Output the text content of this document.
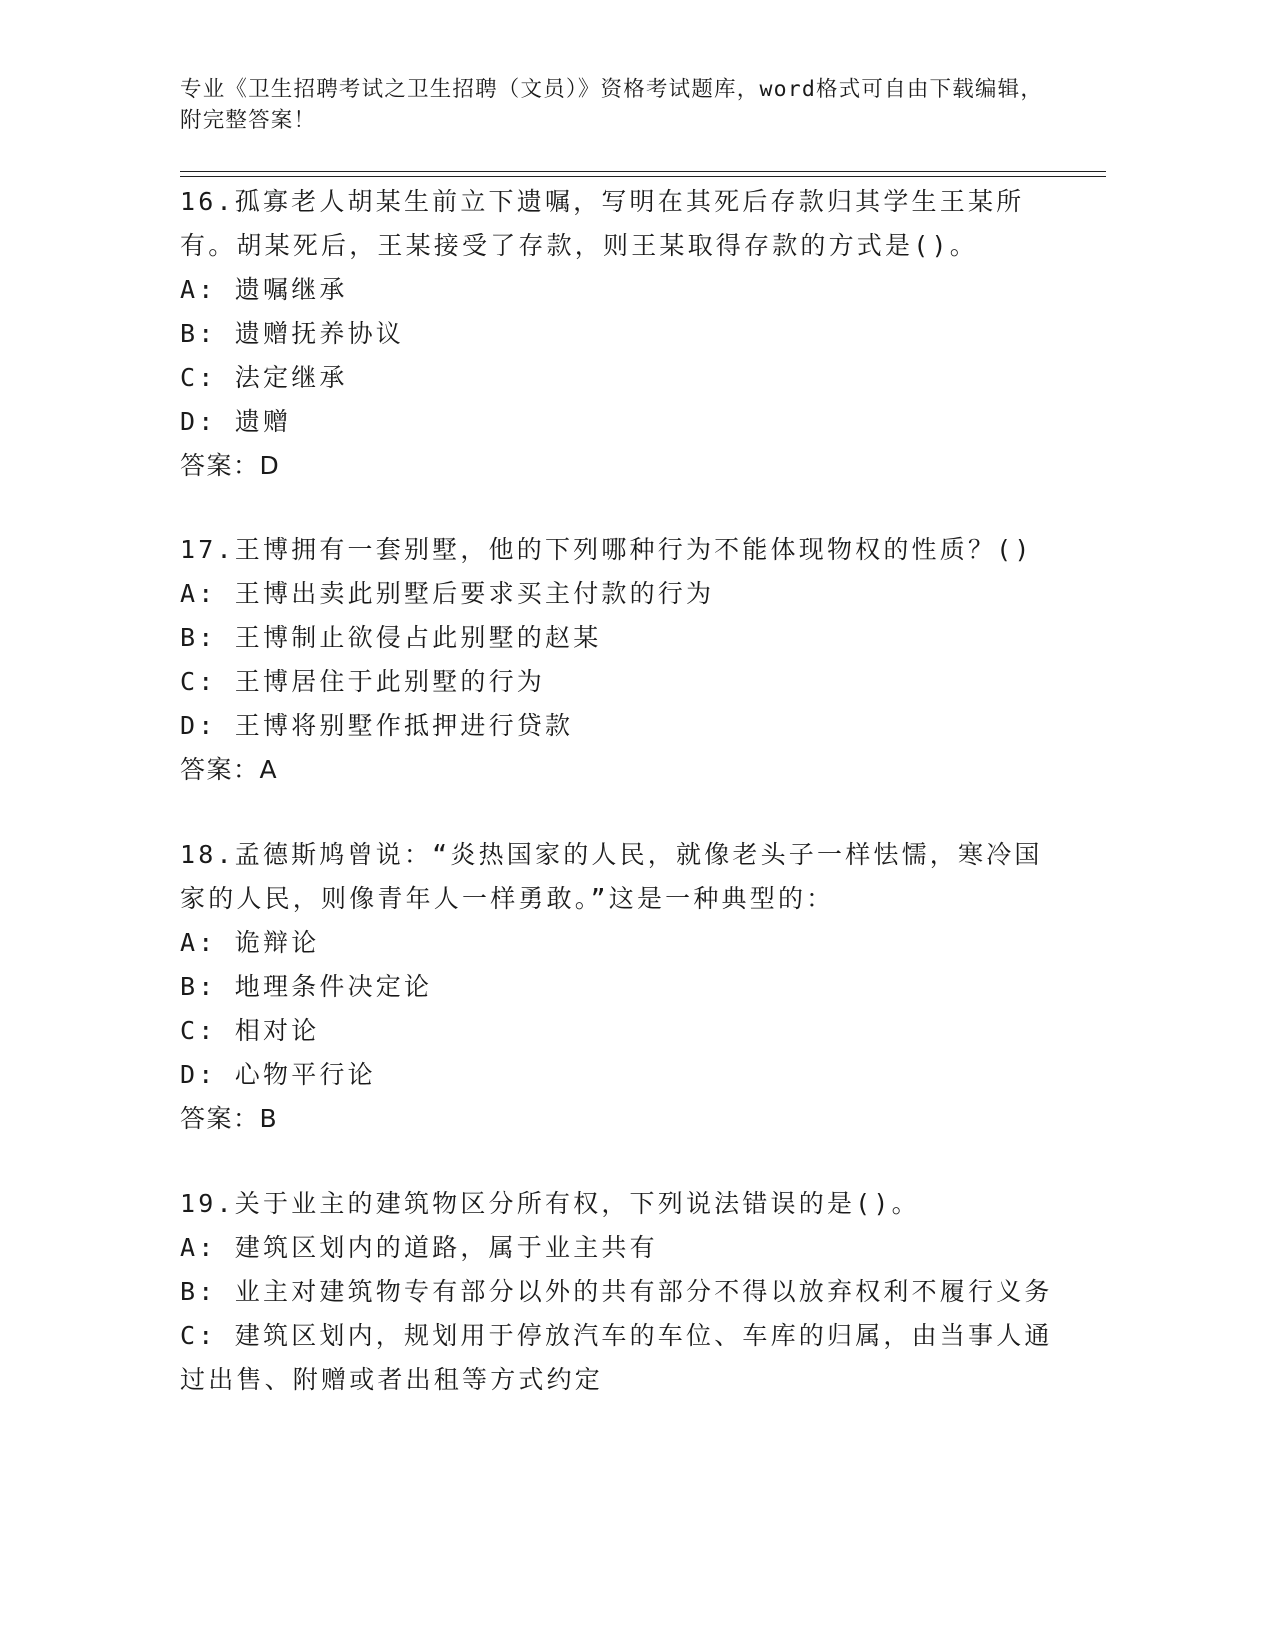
专业《卫生招聘考试之卫生招聘（文员）》资格考试题库，word格式可自由下载编辑，附完整答案！

16.孤寡老人胡某生前立下遗嘱，写明在其死后存款归其学生王某所有。胡某死后，王某接受了存款，则王某取得存款的方式是()。

A: 遗嘱继承

B: 遗赠抚养协议

C: 法定继承

D: 遗赠

答案：D

17.王博拥有一套别墅，他的下列哪种行为不能体现物权的性质？()

A: 王博出卖此别墅后要求买主付款的行为

B: 王博制止欲侵占此别墅的赵某

C: 王博居住于此别墅的行为

D: 王博将别墅作抵押进行贷款

答案：A

18.孟德斯鸠曾说：“炎热国家的人民，就像老头子一样怯懦，寒冷国家的人民，则像青年人一样勇敢。”这是一种典型的：

A: 诡辩论

B: 地理条件决定论

C: 相对论

D: 心物平行论

答案：B

19.关于业主的建筑物区分所有权，下列说法错误的是()。

A: 建筑区划内的道路，属于业主共有

B: 业主对建筑物专有部分以外的共有部分不得以放弃权利不履行义务

C: 建筑区划内，规划用于停放汽车的车位、车库的归属，由当事人通过出售、附赠或者出租等方式约定
